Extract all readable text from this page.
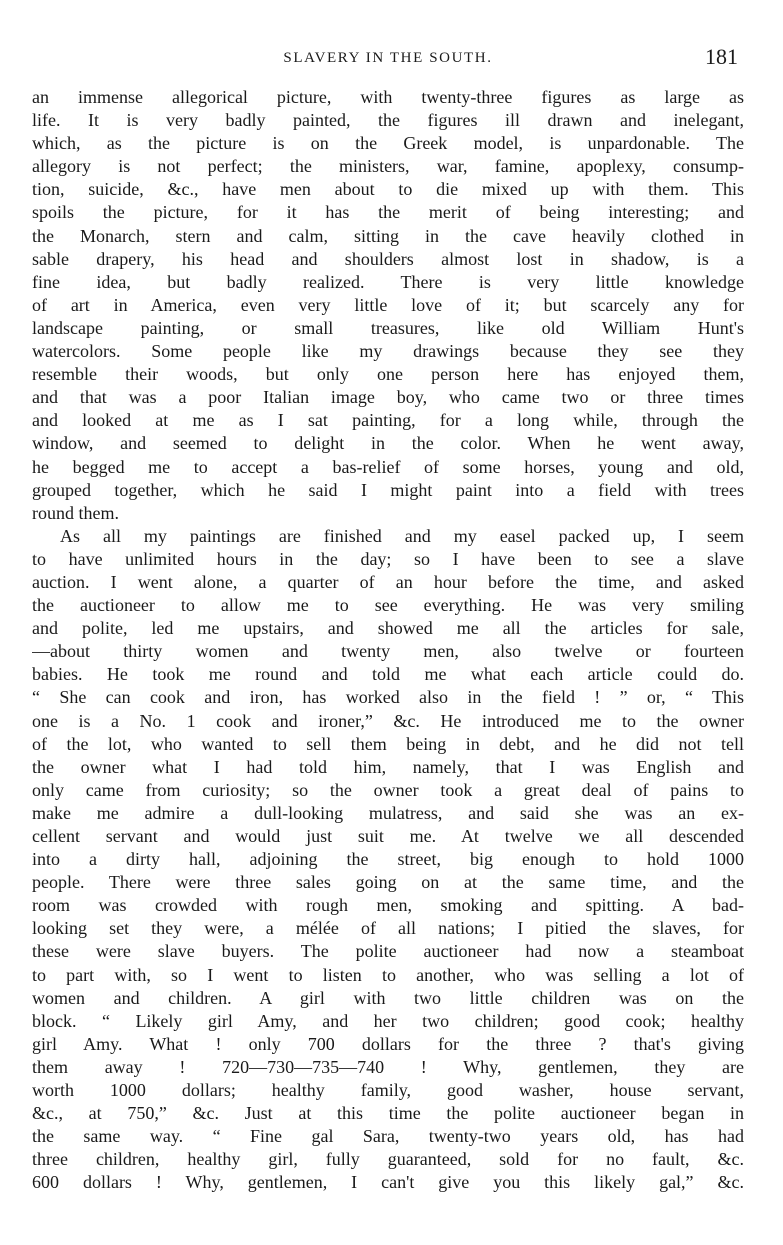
SLAVERY IN THE SOUTH.	181
an immense allegorical picture, with twenty-three figures as large as
life. It is very badly painted, the figures ill drawn and inelegant,
which, as the picture is on the Greek model, is unpardonable. The
allegory is not perfect; the ministers, war, famine, apoplexy, consump-
tion, suicide, &c., have men about to die mixed up with them. This
spoils the picture, for it has the merit of being interesting; and
the Monarch, stern and calm, sitting in the cave heavily clothed in
sable drapery, his head and shoulders almost lost in shadow, is a
fine idea, but badly realized. There is very little knowledge
of art in America, even very little love of it; but scarcely any for
landscape painting, or small treasures, like old William Hunt's
watercolors. Some people like my drawings because they see they
resemble their woods, but only one person here has enjoyed them,
and that was a poor Italian image boy, who came two or three times
and looked at me as I sat painting, for a long while, through the
window, and seemed to delight in the color. When he went away,
he begged me to accept a bas-relief of some horses, young and old,
grouped together, which he said I might paint into a field with trees
round them.
As all my paintings are finished and my easel packed up, I seem
to have unlimited hours in the day; so I have been to see a slave
auction. I went alone, a quarter of an hour before the time, and asked
the auctioneer to allow me to see everything. He was very smiling
and polite, led me upstairs, and showed me all the articles for sale,
—about thirty women and twenty men, also twelve or fourteen
babies. He took me round and told me what each article could do.
“ She can cook and iron, has worked also in the field ! ” or, “ This
one is a No. 1 cook and ironer,” &c. He introduced me to the owner
of the lot, who wanted to sell them being in debt, and he did not tell
the owner what I had told him, namely, that I was English and
only came from curiosity; so the owner took a great deal of pains to
make me admire a dull-looking mulatress, and said she was an ex-
cellent servant and would just suit me. At twelve we all descended
into a dirty hall, adjoining the street, big enough to hold 1000
people. There were three sales going on at the same time, and the
room was crowded with rough men, smoking and spitting. A bad-
looking set they were, a mélée of all nations; I pitied the slaves, for
these were slave buyers. The polite auctioneer had now a steamboat
to part with, so I went to listen to another, who was selling a lot of
women and children. A girl with two little children was on the
block. “ Likely girl Amy, and her two children; good cook; healthy
girl Amy. What ! only 700 dollars for the three ? that's giving
them away ! 720—730—735—740 ! Why, gentlemen, they are
worth 1000 dollars; healthy family, good washer, house servant,
&c., at 750,” &c. Just at this time the polite auctioneer began in
the same way. “ Fine gal Sara, twenty-two years old, has had
three children, healthy girl, fully guaranteed, sold for no fault, &c.
600 dollars ! Why, gentlemen, I can't give you this likely gal,” &c.
